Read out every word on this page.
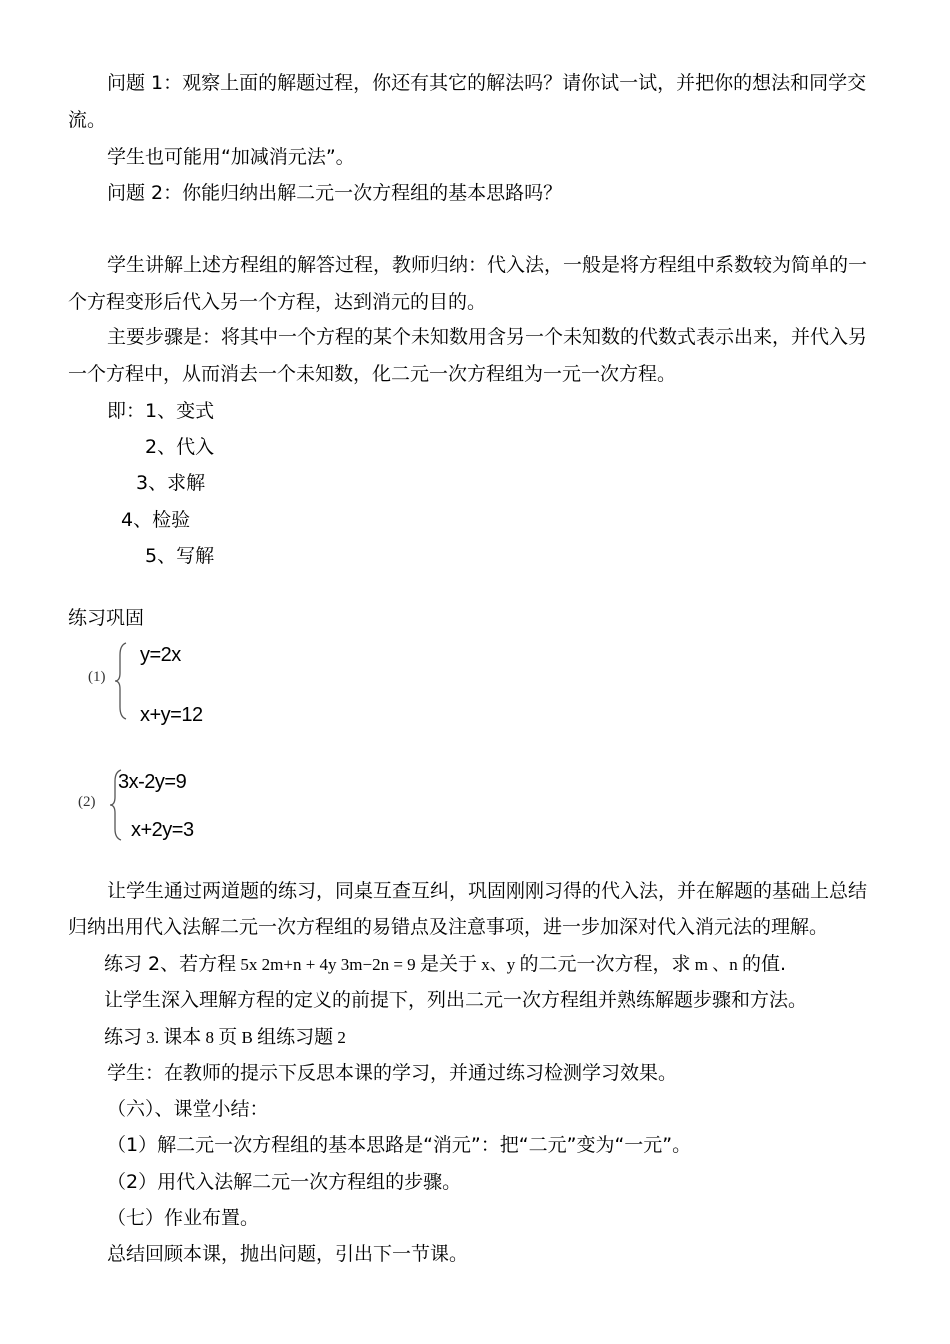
问题 1：观察上面的解题过程，你还有其它的解法吗？请你试一试，并把你的想法和同学交
流。
学生也可能用“加减消元法”。
问题 2：你能归纳出解二元一次方程组的基本思路吗？
学生讲解上述方程组的解答过程，教师归纳：代入法，一般是将方程组中系数较为简单的一
个方程变形后代入另一个方程，达到消元的目的。
主要步骤是：将其中一个方程的某个未知数用含另一个未知数的代数式表示出来，并代入另
一个方程中，从而消去一个未知数，化二元一次方程组为一元一次方程。
即：1、变式
2、代入
3、求解
4、检验
5、写解
练习巩固
(1)
y=2x
x+y=12
(2)
3x-2y=9
x+2y=3
让学生通过两道题的练习，同桌互查互纠，巩固刚刚习得的代入法，并在解题的基础上总结
归纳出用代入法解二元一次方程组的易错点及注意事项，进一步加深对代入消元法的理解。
练习 2、若方程 5x 2m+n + 4y 3m−2n = 9 是关于 x、y 的二元一次方程，求 m 、n 的值.
让学生深入理解方程的定义的前提下，列出二元一次方程组并熟练解题步骤和方法。
练习 3. 课本 8 页 B 组练习题 2
学生：在教师的提示下反思本课的学习，并通过练习检测学习效果。
（六）、课堂小结：
（1）解二元一次方程组的基本思路是“消元”：把“二元”变为“一元”。
（2）用代入法解二元一次方程组的步骤。
（七）作业布置。
总结回顾本课，抛出问题，引出下一节课。
